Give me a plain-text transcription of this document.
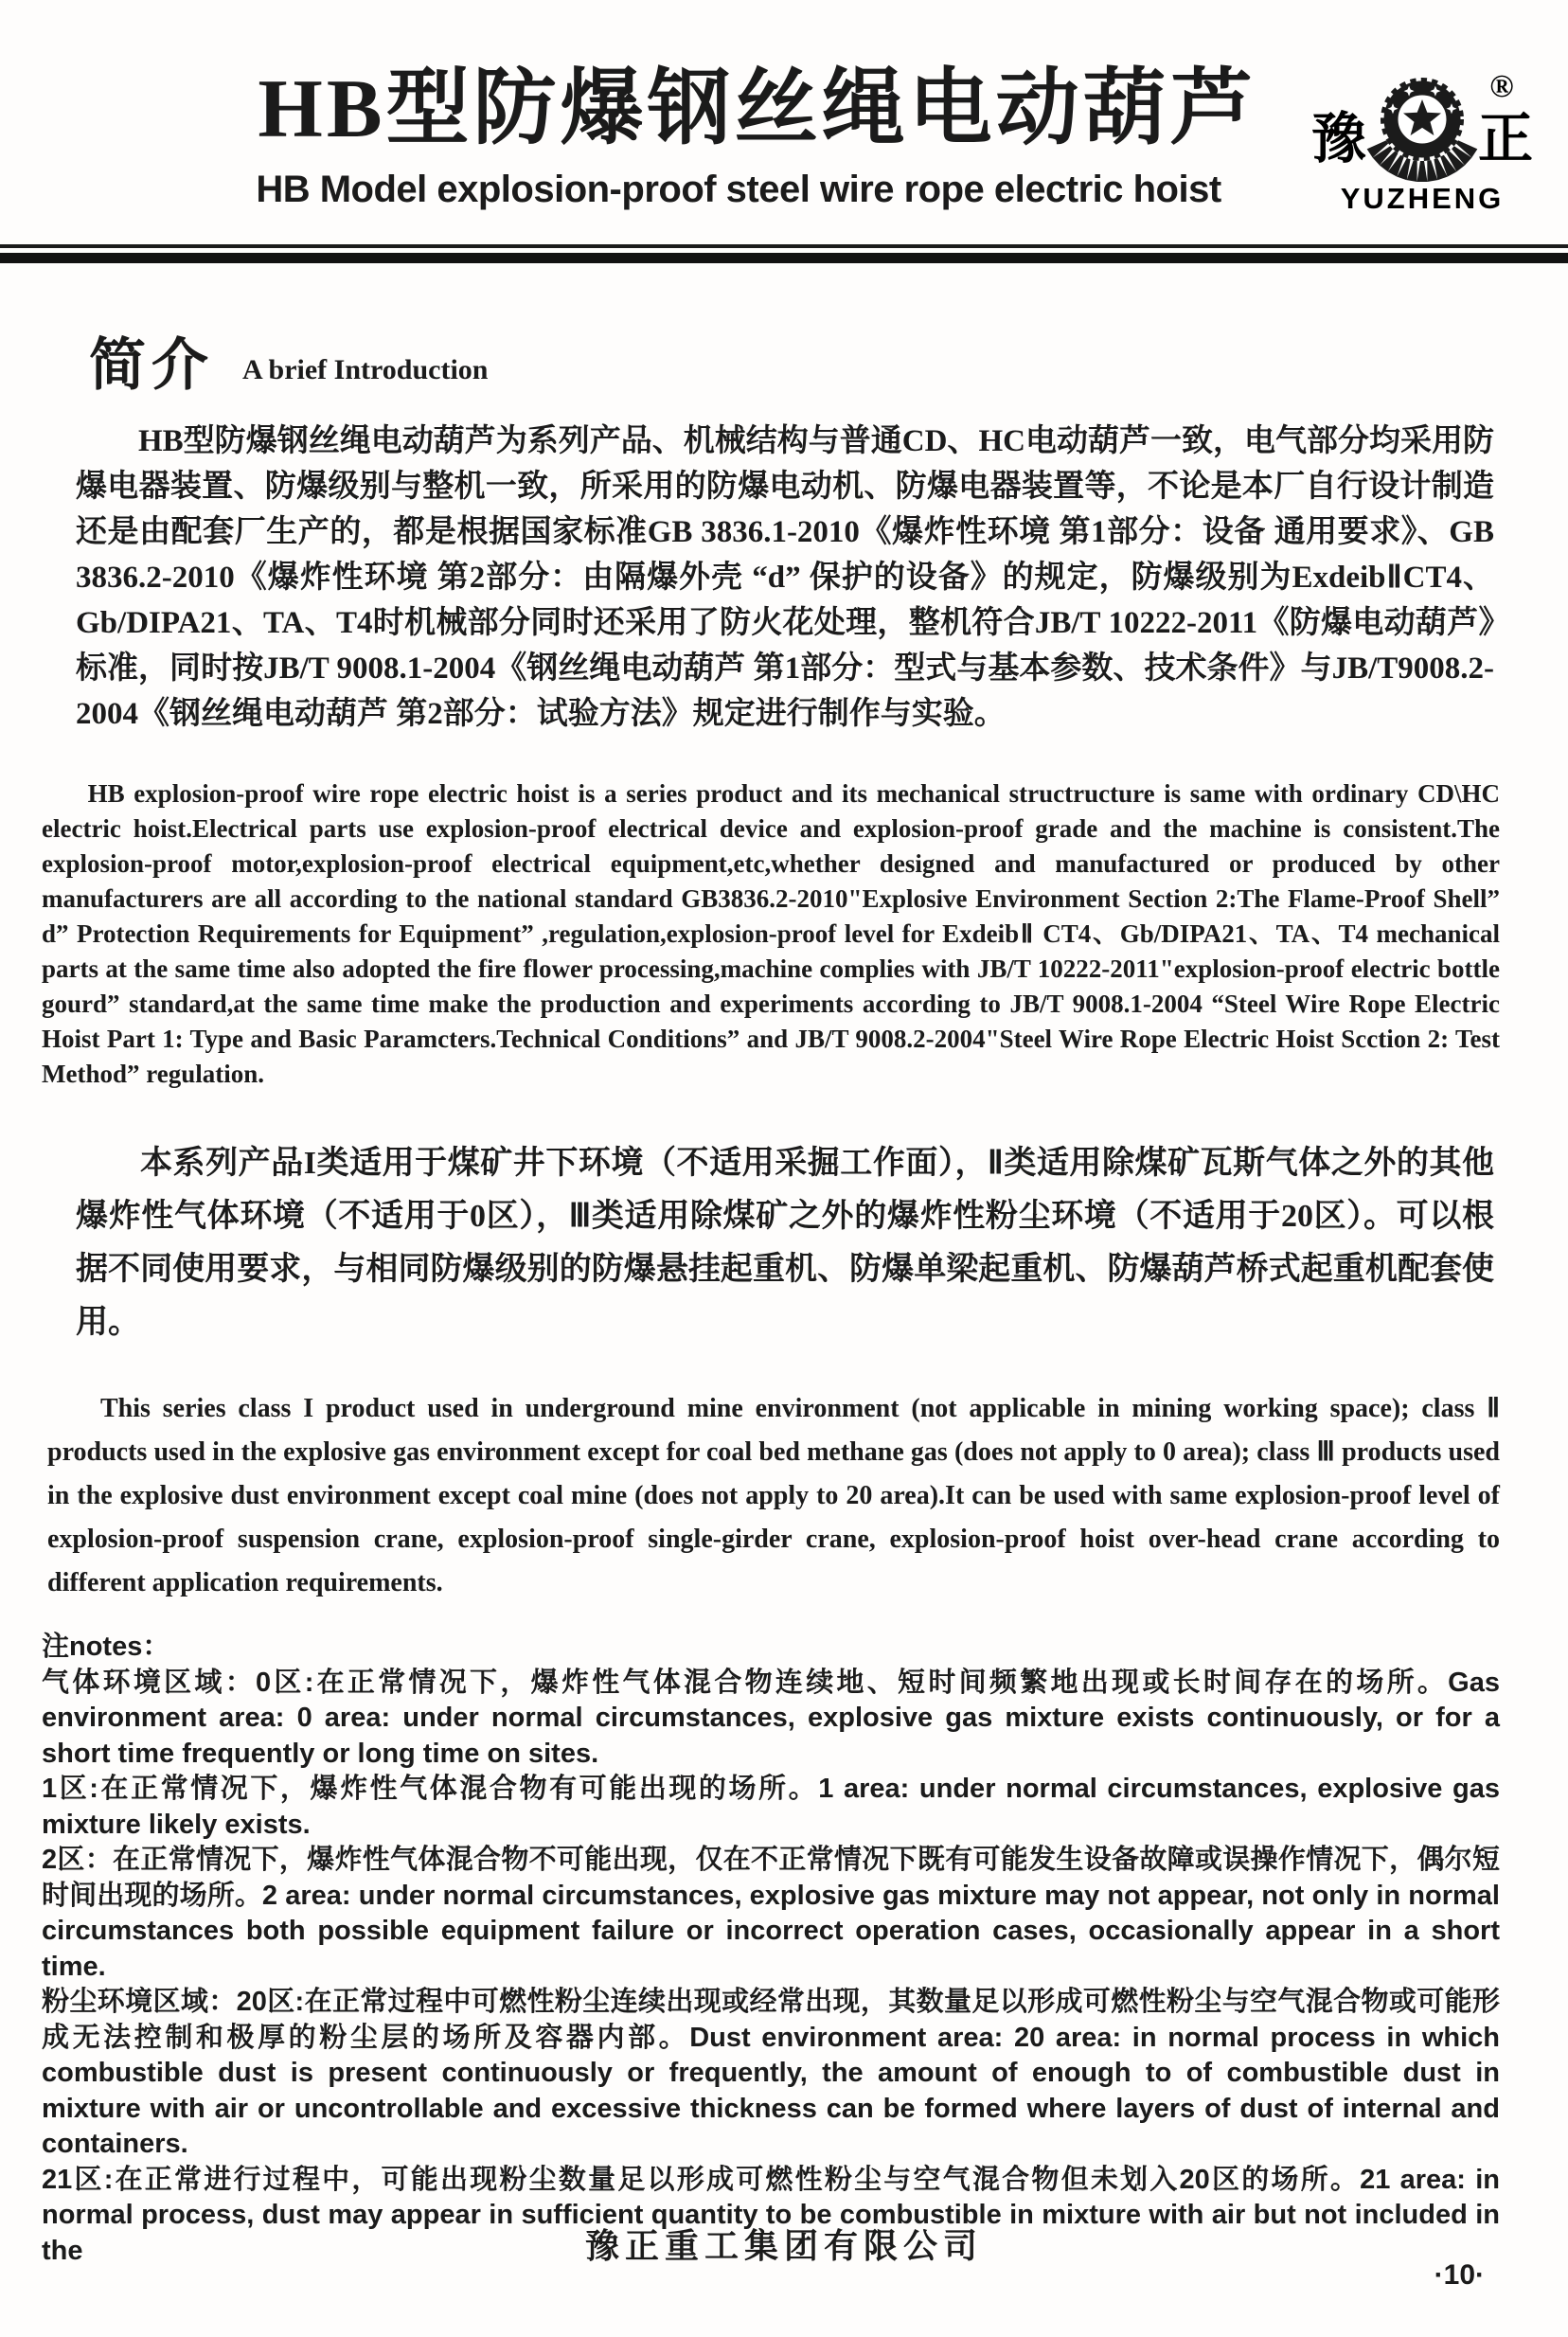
HB型防爆钢丝绳电动葫芦
HB Model explosion-proof steel wire rope electric hoist
豫 正
®
YUZHENG
简介 A brief Introduction

HB型防爆钢丝绳电动葫芦为系列产品、机械结构与普通CD、HC电动葫芦一致，电气部分均采用防爆电器装置、防爆级别与整机一致，所采用的防爆电动机、防爆电器装置等，不论是本厂自行设计制造还是由配套厂生产的，都是根据国家标准GB 3836.1-2010《爆炸性环境 第1部分：设备 通用要求》、GB 3836.2-2010《爆炸性环境 第2部分：由隔爆外壳 “d” 保护的设备》的规定，防爆级别为ExdeibⅡCT4、Gb/DIPA21、TA、T4时机械部分同时还采用了防火花处理，整机符合JB/T 10222-2011《防爆电动葫芦》标准，同时按JB/T 9008.1-2004《钢丝绳电动葫芦 第1部分：型式与基本参数、技术条件》与JB/T9008.2-2004《钢丝绳电动葫芦 第2部分：试验方法》规定进行制作与实验。

HB explosion-proof wire rope electric hoist is a series product and its mechanical structructure is same with ordinary CD\HC electric hoist.Electrical parts use explosion-proof electrical device and explosion-proof grade and the machine is consistent.The explosion-proof motor,explosion-proof electrical equipment,etc,whether designed and manufactured or produced by other manufacturers are all according to the national standard GB3836.2-2010"Explosive Environment Section 2:The Flame-Proof Shell” d” Protection Requirements for Equipment” ,regulation,explosion-proof level for ExdeibⅡ CT4、Gb/DIPA21、TA、T4 mechanical parts at the same time also adopted the fire flower processing,machine complies with JB/T 10222-2011"explosion-proof electric bottle gourd” standard,at the same time make the production and experiments according to JB/T 9008.1-2004 “Steel Wire Rope Electric Hoist Part 1: Type and Basic Paramcters.Technical Conditions” and JB/T 9008.2-2004"Steel Wire Rope Electric Hoist Scction 2: Test Method” regulation.

本系列产品I类适用于煤矿井下环境（不适用采掘工作面），Ⅱ类适用除煤矿瓦斯气体之外的其他爆炸性气体环境（不适用于0区），Ⅲ类适用除煤矿之外的爆炸性粉尘环境（不适用于20区）。可以根据不同使用要求，与相同防爆级别的防爆悬挂起重机、防爆单梁起重机、防爆葫芦桥式起重机配套使用。

This series class I product used in underground mine environment (not applicable in mining working space); class Ⅱ products used in the explosive gas environment except for coal bed methane gas (does not apply to 0 area); class Ⅲ products used in the explosive dust environment except coal mine (does not apply to 20 area).It can be used with same explosion-proof level of explosion-proof suspension crane, explosion-proof single-girder crane, explosion-proof hoist over-head crane according to different application requirements.

注notes：

气体环境区域：0区:在正常情况下，爆炸性气体混合物连续地、短时间频繁地出现或长时间存在的场所。Gas environment area: 0 area: under normal circumstances, explosive gas mixture exists continuously, or for a short time frequently or long time on sites.

1区:在正常情况下，爆炸性气体混合物有可能出现的场所。1 area: under normal circumstances, explosive gas mixture likely exists.

2区：在正常情况下，爆炸性气体混合物不可能出现，仅在不正常情况下既有可能发生设备故障或误操作情况下，偶尔短时间出现的场所。2 area: under normal circumstances, explosive gas mixture may not appear, not only in normal circumstances both possible equipment failure or incorrect operation cases, occasionally appear in a short time.

粉尘环境区域：20区:在正常过程中可燃性粉尘连续出现或经常出现，其数量足以形成可燃性粉尘与空气混合物或可能形成无法控制和极厚的粉尘层的场所及容器内部。Dust environment area: 20 area: in normal process in which combustible dust is present continuously or frequently, the amount of enough to of combustible dust in mixture with air or uncontrollable and excessive thickness can be formed where layers of dust of internal and containers.

21区:在正常进行过程中，可能出现粉尘数量足以形成可燃性粉尘与空气混合物但未划入20区的场所。21 area: in normal process, dust may appear in sufficient quantity to be combustible in mixture with air but not included in the	豫正重工集团有限公司
·10·
